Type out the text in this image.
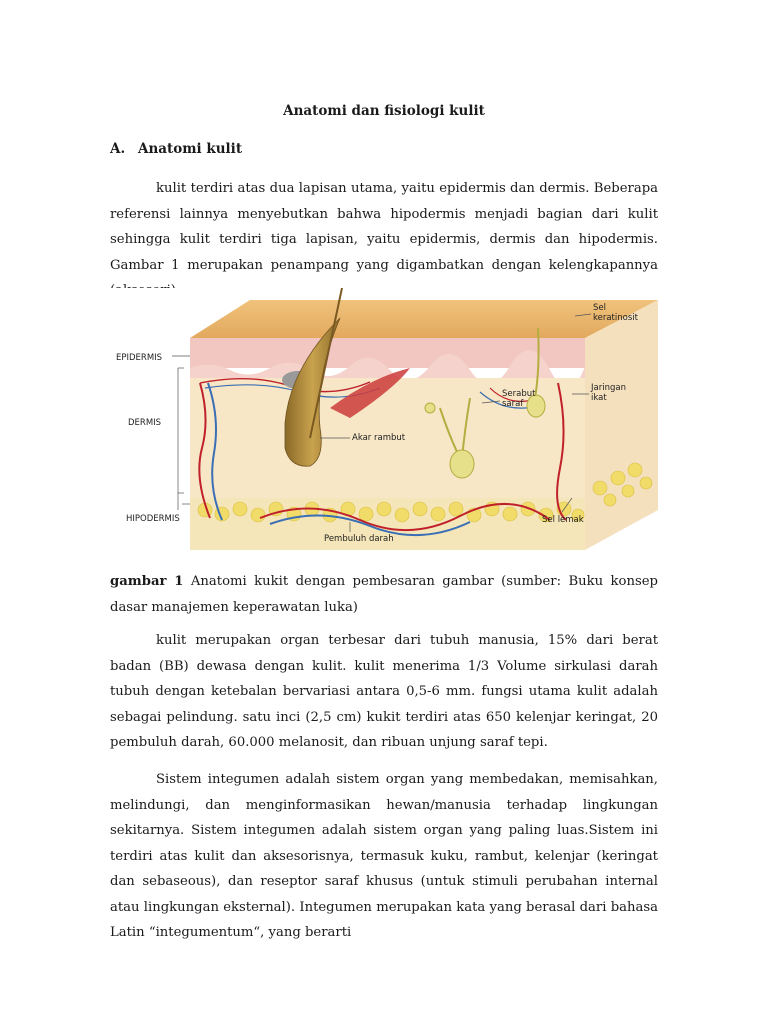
Anatomi dan fisiologi kulit
A. Anatomi kulit

kulit terdiri atas dua lapisan utama, yaitu epidermis dan dermis. Beberapa referensi lainnya menyebutkan bahwa hipodermis menjadi bagian dari kulit sehingga kulit terdiri tiga lapisan, yaitu epidermis, dermis dan hipodermis. Gambar 1 merupakan penampang yang digambatkan dengan kelengkapannya

EPIDERMIS
DERMIS
HIPODERMIS
Sel
keratinosit
Jaringan
ikat
Serabut
saraf
Akar rambut
Sel lemak
Pembuluh darah

gambar 1 Anatomi kukit dengan pembesaran gambar (sumber: Buku konsep dasar manajemen keperawatan luka)

kulit merupakan organ terbesar dari tubuh manusia, 15% dari berat badan (BB) dewasa dengan kulit. kulit menerima 1/3 Volume sirkulasi darah tubuh dengan ketebalan bervariasi antara 0,5-6 mm. fungsi utama kulit adalah sebagai pelindung. satu inci (2,5 cm) kukit terdiri atas 650 kelenjar keringat, 20 pembuluh darah, 60.000 melanosit, dan ribuan unjung saraf tepi.

Sistem integumen adalah sistem organ yang membedakan, memisahkan, melindungi, dan menginformasikan hewan/manusia terhadap lingkungan sekitarnya. Sistem integumen adalah sistem organ yang paling luas.Sistem ini terdiri atas kulit dan aksesorisnya, termasuk kuku, rambut, kelenjar (keringat dan sebaseous), dan reseptor saraf khusus (untuk stimuli perubahan internal atau lingkungan eksternal). Integumen merupakan kata yang berasal dari bahasa Latin “integumentum“, yang berarti
